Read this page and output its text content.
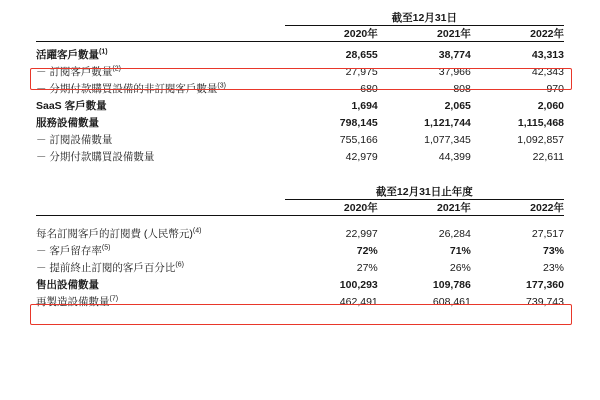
	截至12月31日		
	2020年	2021年	2022年

活躍客戶數量$^{(1)}$	28,655	38,774	43,313
－ 訂閱客戶數量$^{(2)}$	27,975	37,966	42,343
－ 分期付款購買設備的非訂閱客戶數量$^{(3)}$	680	808	970
SaaS 客戶數量	1,694	2,065	2,060
服務設備數量	798,145	1,121,744	1,115,468
－ 訂閱設備數量	755,166	1,077,345	1,092,857
－ 分期付款購買設備數量	42,979	44,399	22,611
	截至12月31日止年度		
	2020年	2021年	2022年

每名訂閱客戶的訂閱費 (人民幣元)$^{(4)}$	22,997	26,284	27,517
－ 客戶留存率$^{(5)}$	72%	71%	73%
－ 提前終止訂閱的客戶百分比$^{(6)}$	27%	26%	23%
售出設備數量	100,293	109,786	177,360
再製造設備數量$^{(7)}$	462,491	608,461	739,743
